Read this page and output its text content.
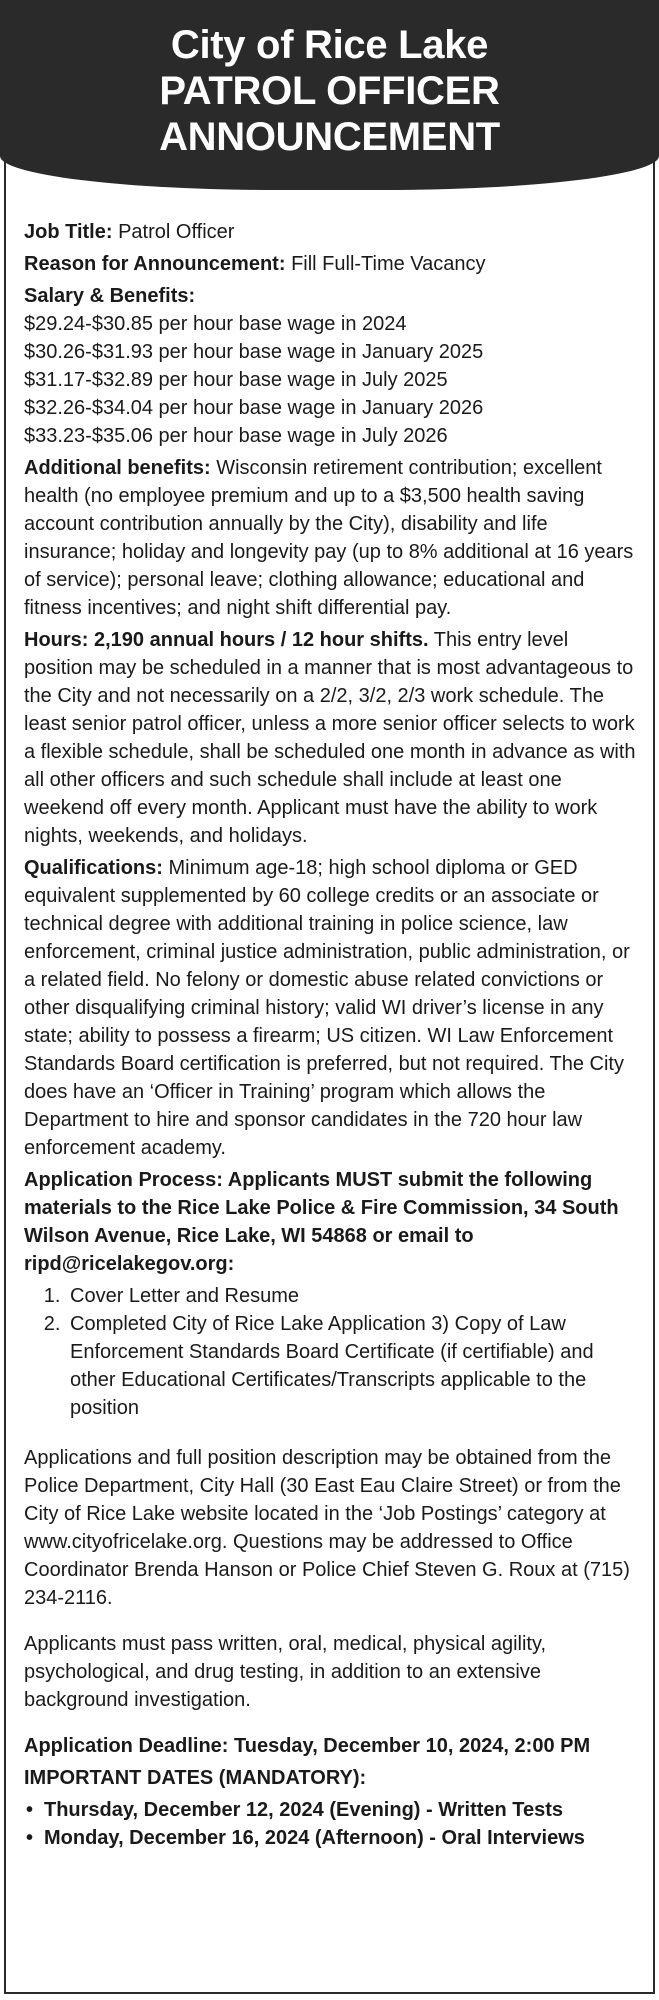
City of Rice Lake
PATROL OFFICER
ANNOUNCEMENT

Job Title: Patrol Officer

Reason for Announcement: Fill Full-Time Vacancy

Salary & Benefits:
$29.24-$30.85 per hour base wage in 2024
$30.26-$31.93 per hour base wage in January 2025
$31.17-$32.89 per hour base wage in July 2025
$32.26-$34.04 per hour base wage in January 2026
$33.23-$35.06 per hour base wage in July 2026

Additional benefits: Wisconsin retirement contribution; excellent health (no employee premium and up to a $3,500 health saving account contribution annually by the City), disability and life insurance; holiday and longevity pay (up to 8% additional at 16 years of service); personal leave; clothing allowance; educational and fitness incentives; and night shift differential pay.

Hours: 2,190 annual hours / 12 hour shifts. This entry level position may be scheduled in a manner that is most advantageous to the City and not necessarily on a 2/2, 3/2, 2/3 work schedule. The least senior patrol officer, unless a more senior officer selects to work a flexible schedule, shall be scheduled one month in advance as with all other officers and such schedule shall include at least one weekend off every month. Applicant must have the ability to work nights, weekends, and holidays.

Qualifications: Minimum age-18; high school diploma or GED equivalent supplemented by 60 college credits or an associate or technical degree with additional training in police science, law enforcement, criminal justice administration, public administration, or a related field. No felony or domestic abuse related convictions or other disqualifying criminal history; valid WI driver’s license in any state; ability to possess a firearm; US citizen. WI Law Enforcement Standards Board certification is preferred, but not required. The City does have an ‘Officer in Training’ program which allows the Department to hire and sponsor candidates in the 720 hour law enforcement academy.

Application Process: Applicants MUST submit the following materials to the Rice Lake Police & Fire Commission, 34 South Wilson Avenue, Rice Lake, WI 54868 or email to ripd@ricelakegov.org:

1. Cover Letter and Resume
2. Completed City of Rice Lake Application 3) Copy of Law Enforcement Standards Board Certificate (if certifiable) and other Educational Certificates/Transcripts applicable to the position

Applications and full position description may be obtained from the Police Department, City Hall (30 East Eau Claire Street) or from the City of Rice Lake website located in the ‘Job Postings’ category at www.cityofricelake.org. Questions may be addressed to Office Coordinator Brenda Hanson or Police Chief Steven G. Roux at (715) 234-2116.

Applicants must pass written, oral, medical, physical agility, psychological, and drug testing, in addition to an extensive background investigation.

Application Deadline: Tuesday, December 10, 2024, 2:00 PM

IMPORTANT DATES (MANDATORY):

• Thursday, December 12, 2024 (Evening) - Written Tests
• Monday, December 16, 2024 (Afternoon) - Oral Interviews
